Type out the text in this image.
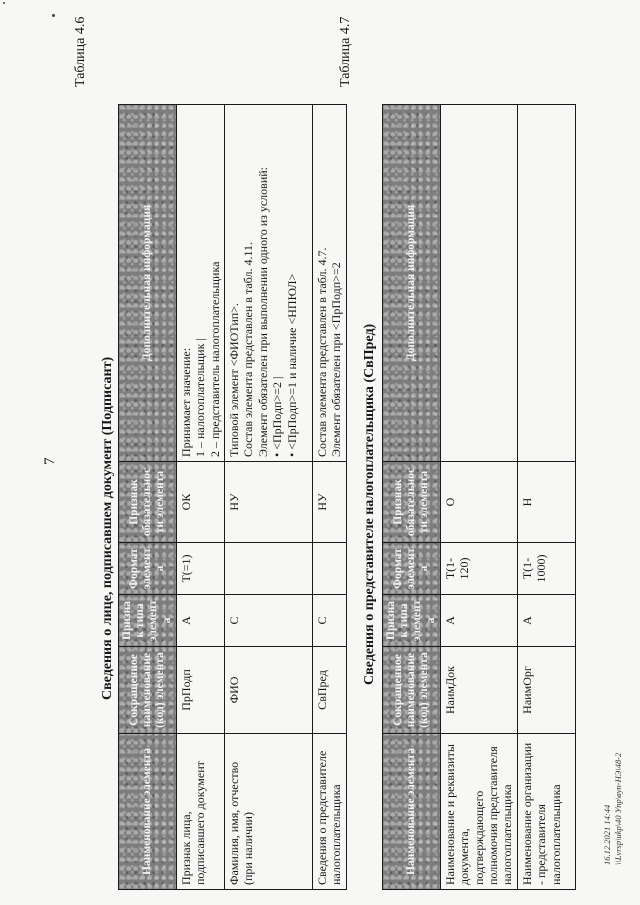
7
Таблица 4.6
Сведения о лице, подписавшем документ (Подписант)
Наименование элемента	Сокращенное наименование (код) элемента	Признак типа элемента	Формат элемента	Признак обязательности элемента	Дополнительная информация
Признак лица, подписавшего документ	ПрПодп	А	T(=1)	ОК	Принимает значение: 1 – налогоплательщик | 2 – представитель налогоплательщика

Фамилия, имя, отчество (при наличии)	ФИО	С		НУ	Типовой элемент <ФИОТип>. Состав элемента представлен в табл. 4.11. Элемент обязателен при выполнении одного из условий: • <ПрПодп>=2 | • <ПрПодп>=1 и наличие <НПЮЛ>

Сведения о представителе налогоплательщика	СвПред	С		НУ	Состав элемента представлен в табл. 4.7. Элемент обязателен при <ПрПодп>=2
Таблица 4.7
Сведения о представителе налогоплательщика (СвПред)
Наименование элемента	Сокращенное наименование (код) элемента	Признак типа элемента	Формат элемента	Признак обязательности элемента	Дополнительная информация
Наименование и реквизиты документа, подтверждающего полномочия представителя налогоплательщика	НаимДок	А	T(1-120)	О	
Наименование организации - представителя налогоплательщика	НаимОрг	А	T(1-1000)	Н	
16.12.2021 14:44 \\Lvrsp\ukp\40 Упр\вуп-НЭ\48-2
